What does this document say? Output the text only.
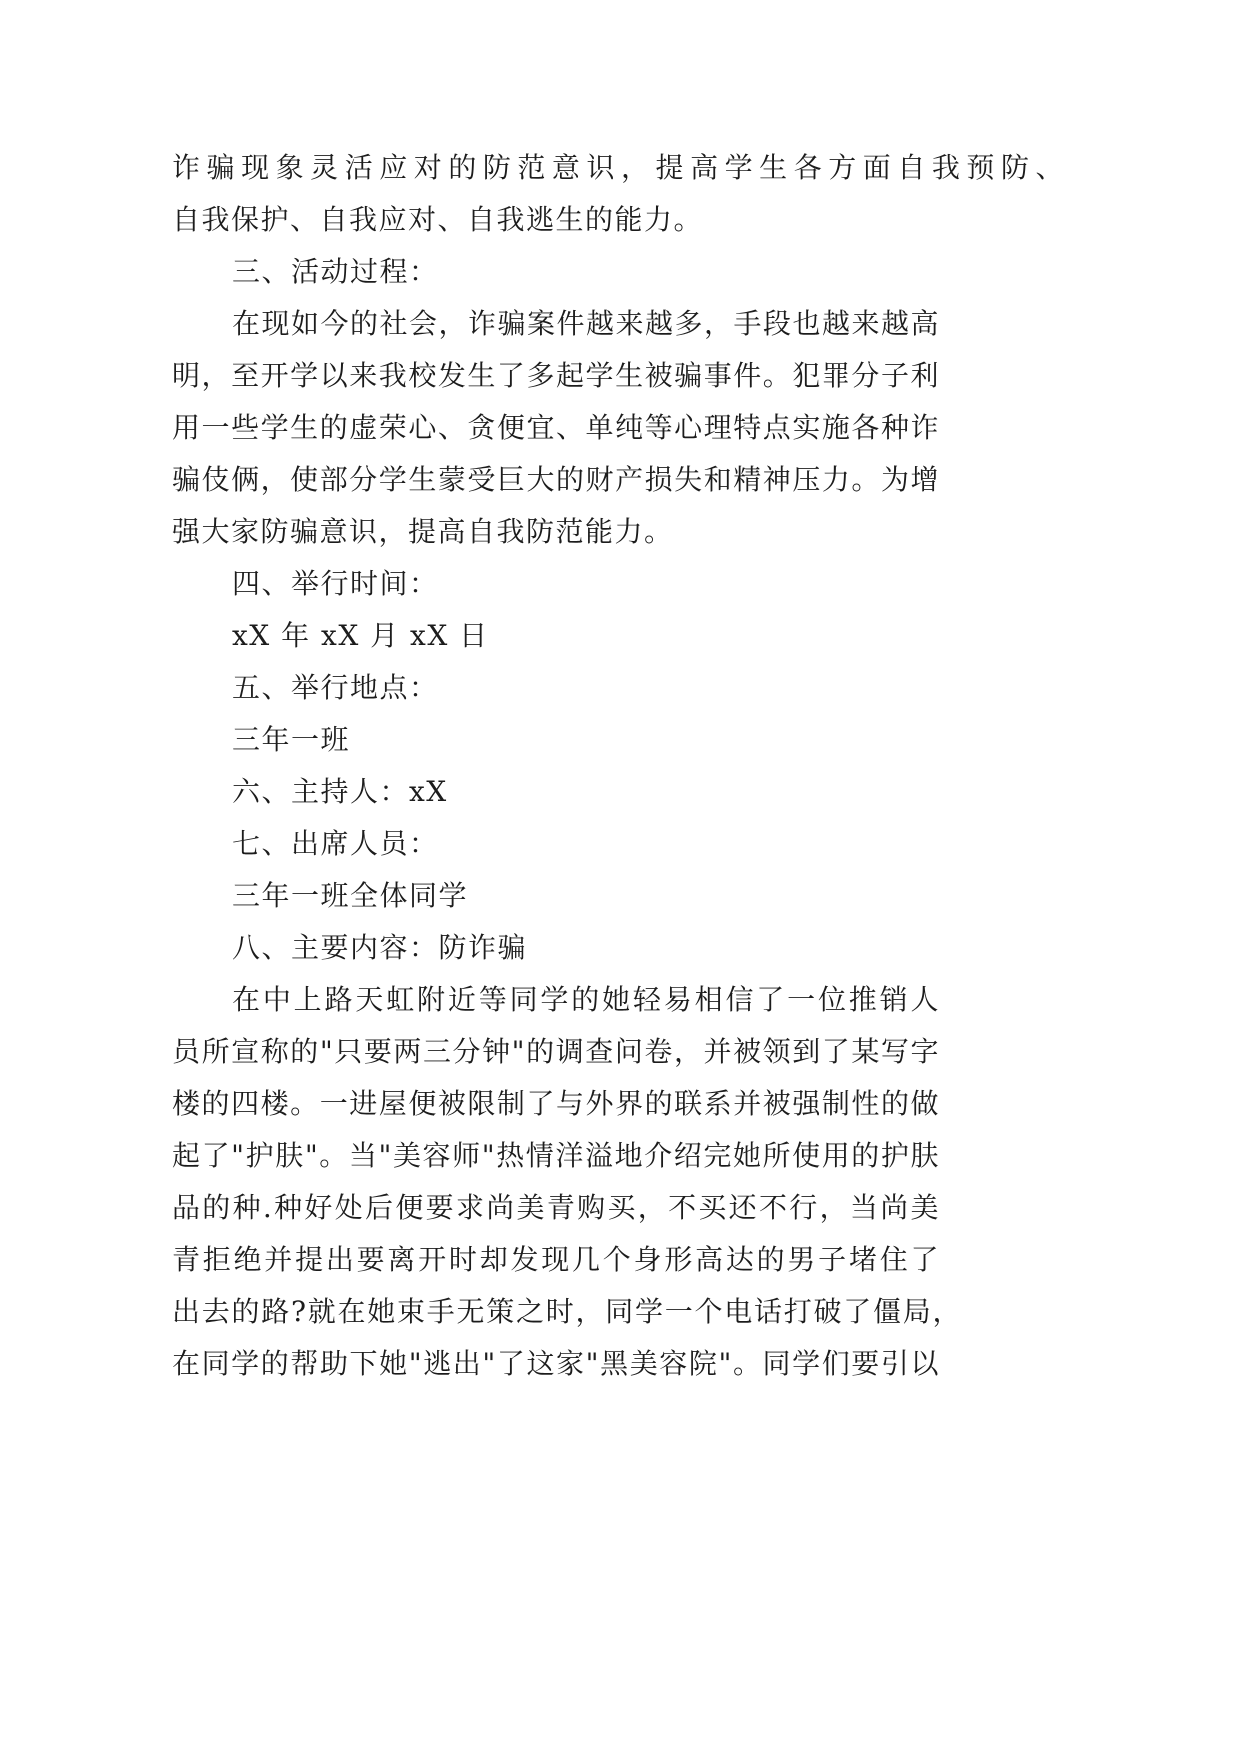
诈骗现象灵活应对的防范意识，提高学生各方面自我预防、
自我保护、自我应对、自我逃生的能力。
三、活动过程：
在现如今的社会，诈骗案件越来越多，手段也越来越高
明，至开学以来我校发生了多起学生被骗事件。犯罪分子利
用一些学生的虚荣心、贪便宜、单纯等心理特点实施各种诈
骗伎俩，使部分学生蒙受巨大的财产损失和精神压力。为增
强大家防骗意识，提高自我防范能力。
四、举行时间：
xX 年 xX 月 xX 日
五、举行地点：
三年一班
六、主持人：xX
七、出席人员：
三年一班全体同学
八、主要内容：防诈骗
在中上路天虹附近等同学的她轻易相信了一位推销人
员所宣称的"只要两三分钟"的调查问卷，并被领到了某写字
楼的四楼。一进屋便被限制了与外界的联系并被强制性的做
起了"护肤"。当"美容师"热情洋溢地介绍完她所使用的护肤
品的种.种好处后便要求尚美青购买，不买还不行，当尚美
青拒绝并提出要离开时却发现几个身形高达的男子堵住了
出去的路?就在她束手无策之时，同学一个电话打破了僵局，
在同学的帮助下她"逃出"了这家"黑美容院"。同学们要引以
